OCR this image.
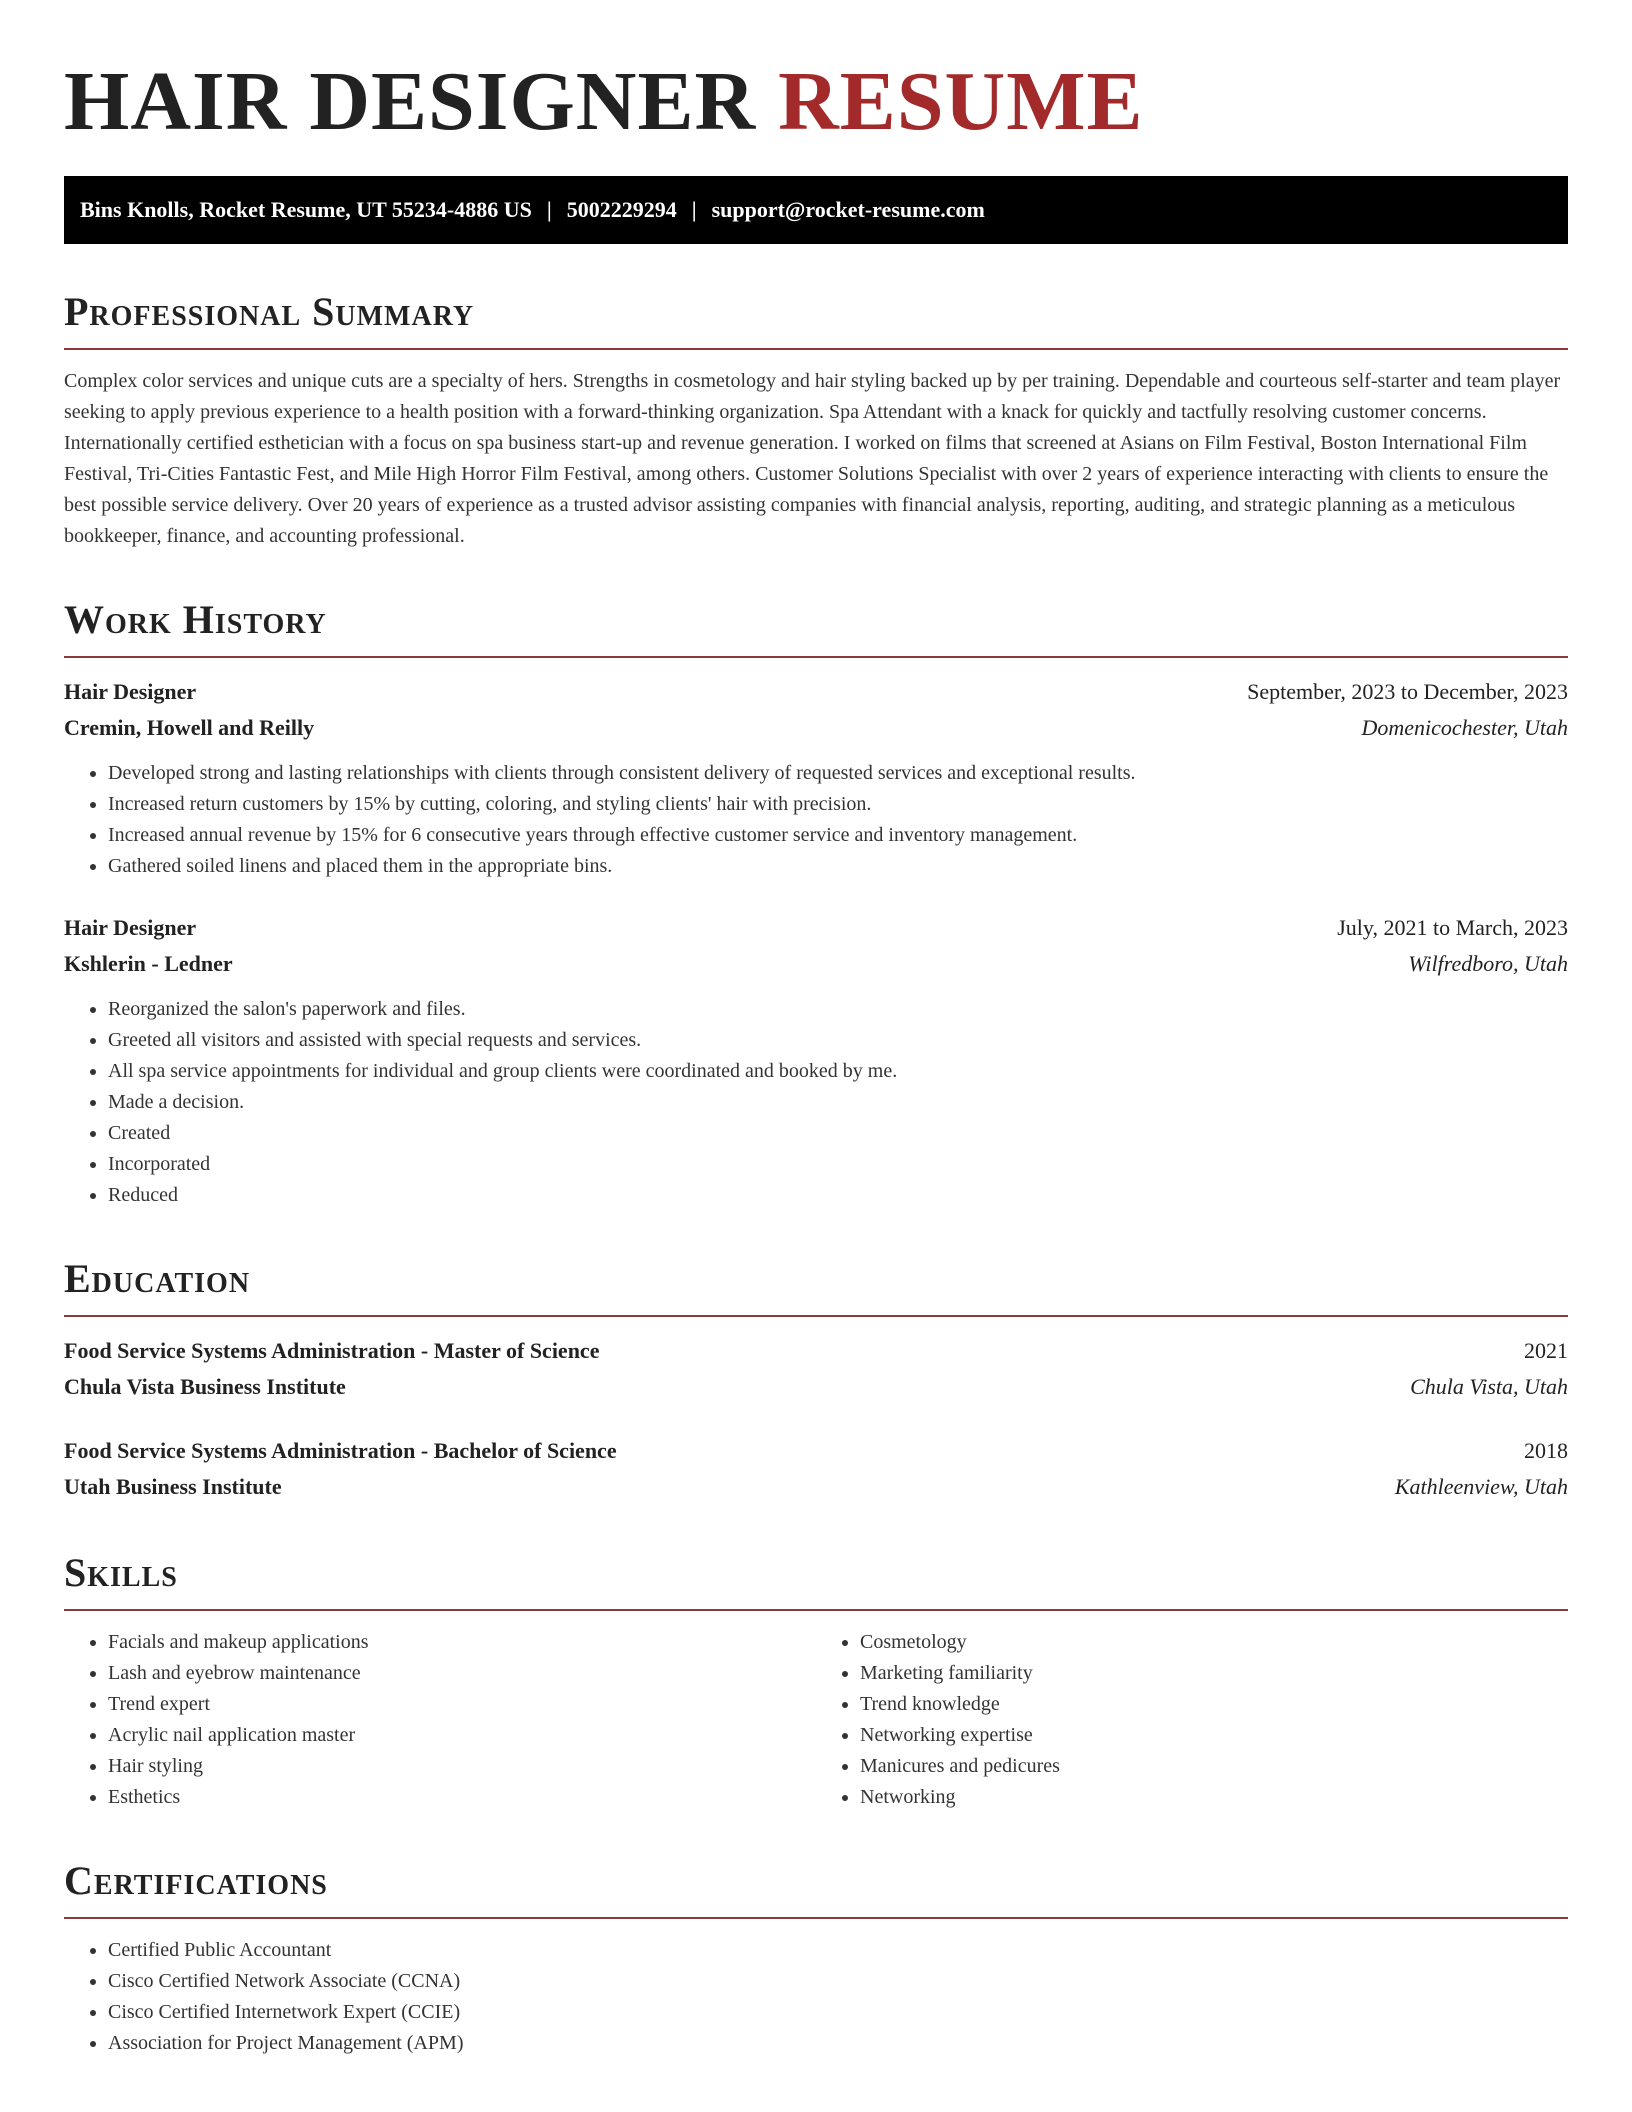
HAIR DESIGNER RESUME
Bins Knolls, Rocket Resume, UT 55234-4886 US | 5002229294 | support@rocket-resume.com
Professional Summary

Complex color services and unique cuts are a specialty of hers. Strengths in cosmetology and hair styling backed up by per training. Dependable and courteous self-starter and team player seeking to apply previous experience to a health position with a forward-thinking organization. Spa Attendant with a knack for quickly and tactfully resolving customer concerns. Internationally certified esthetician with a focus on spa business start-up and revenue generation. I worked on films that screened at Asians on Film Festival, Boston International Film Festival, Tri-Cities Fantastic Fest, and Mile High Horror Film Festival, among others. Customer Solutions Specialist with over 2 years of experience interacting with clients to ensure the best possible service delivery. Over 20 years of experience as a trusted advisor assisting companies with financial analysis, reporting, auditing, and strategic planning as a meticulous bookkeeper, finance, and accounting professional.

Work History
Hair Designer	September, 2023 to December, 2023
Cremin, Howell and Reilly	Domenicochester, Utah
• Developed strong and lasting relationships with clients through consistent delivery of requested services and exceptional results.
• Increased return customers by 15% by cutting, coloring, and styling clients' hair with precision.
• Increased annual revenue by 15% for 6 consecutive years through effective customer service and inventory management.
• Gathered soiled linens and placed them in the appropriate bins.
Hair Designer	July, 2021 to March, 2023
Kshlerin - Ledner	Wilfredboro, Utah
• Reorganized the salon's paperwork and files.
• Greeted all visitors and assisted with special requests and services.
• All spa service appointments for individual and group clients were coordinated and booked by me.
• Made a decision.
• Created
• Incorporated
• Reduced
Education
Food Service Systems Administration - Master of Science	2021
Chula Vista Business Institute	Chula Vista, Utah
Food Service Systems Administration - Bachelor of Science	2018
Utah Business Institute	Kathleenview, Utah
Skills
• Facials and makeup applications
• Lash and eyebrow maintenance
• Trend expert
• Acrylic nail application master
• Hair styling
• Esthetics
• Cosmetology
• Marketing familiarity
• Trend knowledge
• Networking expertise
• Manicures and pedicures
• Networking
Certifications
• Certified Public Accountant
• Cisco Certified Network Associate (CCNA)
• Cisco Certified Internetwork Expert (CCIE)
• Association for Project Management (APM)
